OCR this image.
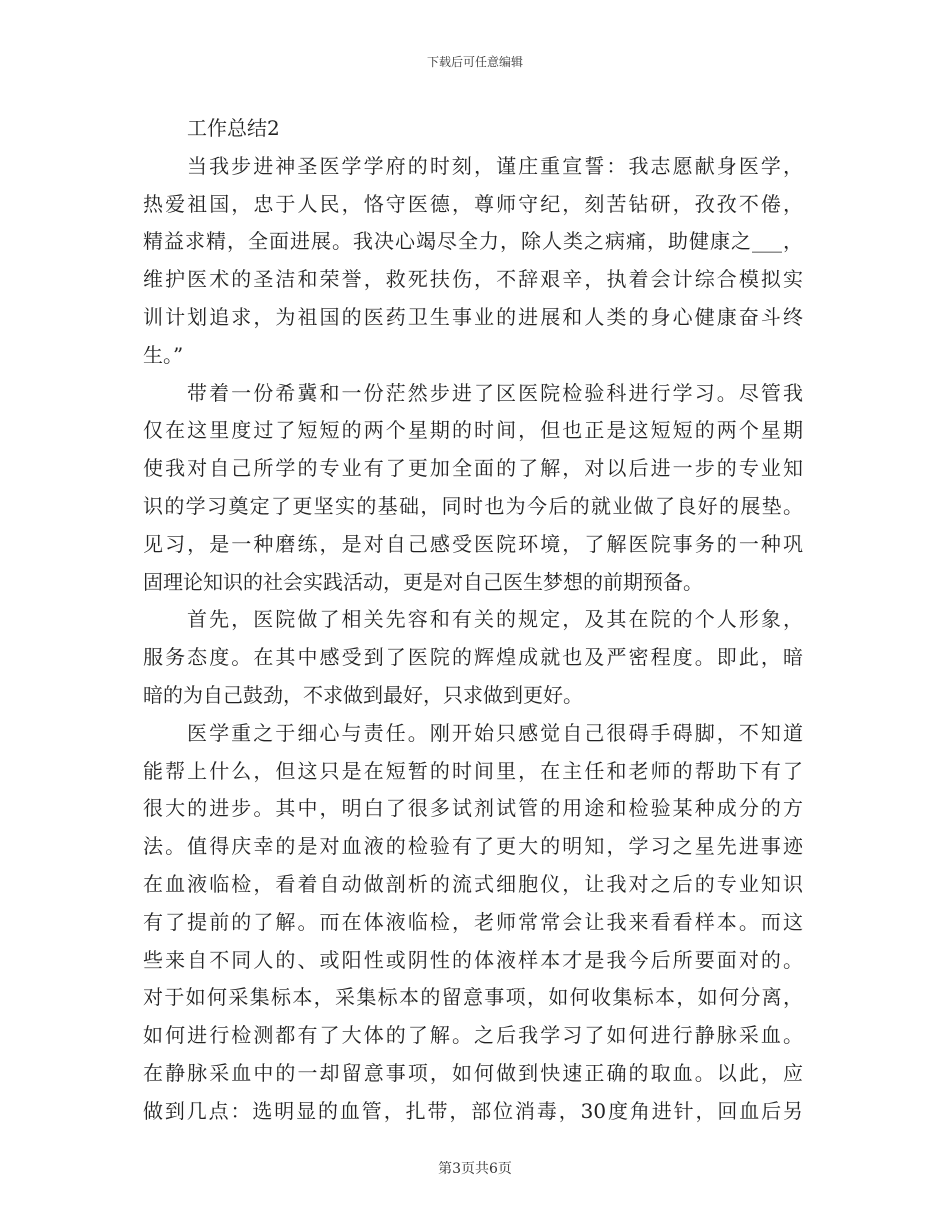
下载后可任意编辑
工作总结2
当我步进神圣医学学府的时刻，谨庄重宣誓：我志愿献身医学，
热爱祖国，忠于人民，恪守医德，尊师守纪，刻苦钻研，孜孜不倦，
精益求精，全面进展。我决心竭尽全力，除人类之病痛，助健康之___，
维护医术的圣洁和荣誉，救死扶伤，不辞艰辛，执着会计综合模拟实
训计划追求，为祖国的医药卫生事业的进展和人类的身心健康奋斗终
生。”
带着一份希冀和一份茫然步进了区医院检验科进行学习。尽管我
仅在这里度过了短短的两个星期的时间，但也正是这短短的两个星期
使我对自己所学的专业有了更加全面的了解，对以后进一步的专业知
识的学习奠定了更坚实的基础，同时也为今后的就业做了良好的展垫。
见习，是一种磨练，是对自己感受医院环境，了解医院事务的一种巩
固理论知识的社会实践活动，更是对自己医生梦想的前期预备。
首先，医院做了相关先容和有关的规定，及其在院的个人形象，
服务态度。在其中感受到了医院的辉煌成就也及严密程度。即此，暗
暗的为自己鼓劲，不求做到最好，只求做到更好。
医学重之于细心与责任。刚开始只感觉自己很碍手碍脚，不知道
能帮上什么，但这只是在短暂的时间里，在主任和老师的帮助下有了
很大的进步。其中，明白了很多试剂试管的用途和检验某种成分的方
法。值得庆幸的是对血液的检验有了更大的明知，学习之星先进事迹
在血液临检，看着自动做剖析的流式细胞仪，让我对之后的专业知识
有了提前的了解。而在体液临检，老师常常会让我来看看样本。而这
些来自不同人的、或阳性或阴性的体液样本才是我今后所要面对的。
对于如何采集标本，采集标本的留意事项，如何收集标本，如何分离，
如何进行检测都有了大体的了解。之后我学习了如何进行静脉采血。
在静脉采血中的一却留意事项，如何做到快速正确的取血。以此，应
做到几点：选明显的血管，扎带，部位消毒，30度角进针，回血后另
第3页共6页
